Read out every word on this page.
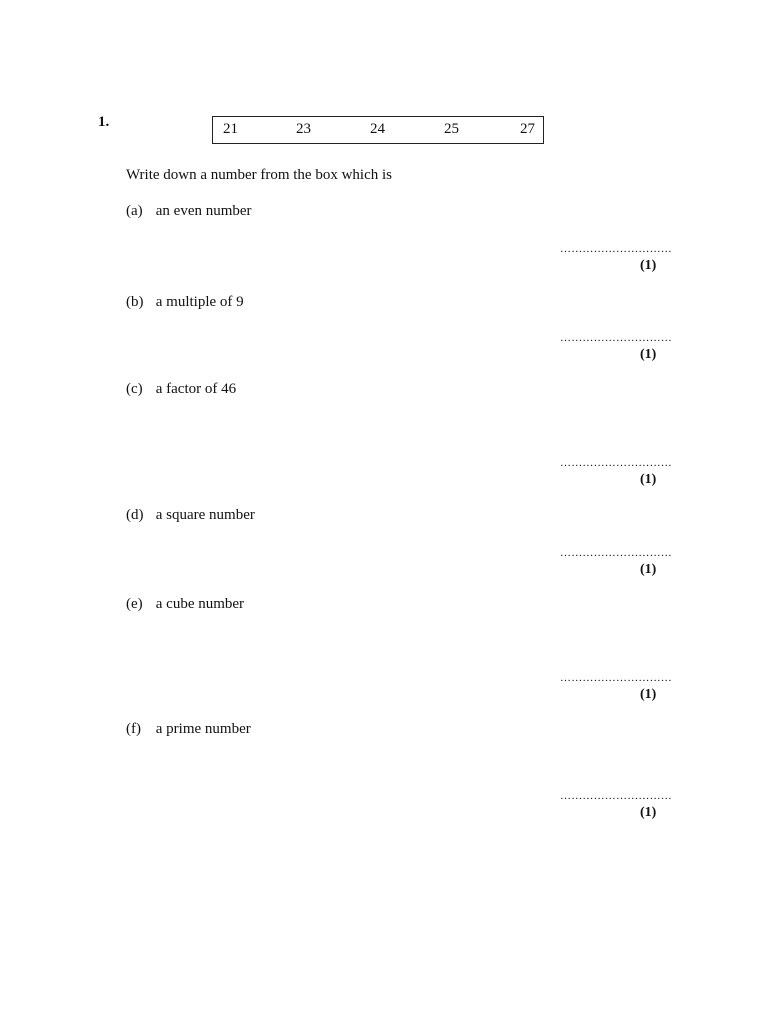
1.	21	23	24	25	27
Write down a number from the box which is
(a) an even number
…………………………
(1)
(b) a multiple of 9
…………………………
(1)
(c) a factor of 46
…………………………
(1)
(d) a square number
…………………………
(1)
(e) a cube number
…………………………
(1)
(f) a prime number
…………………………
(1)
